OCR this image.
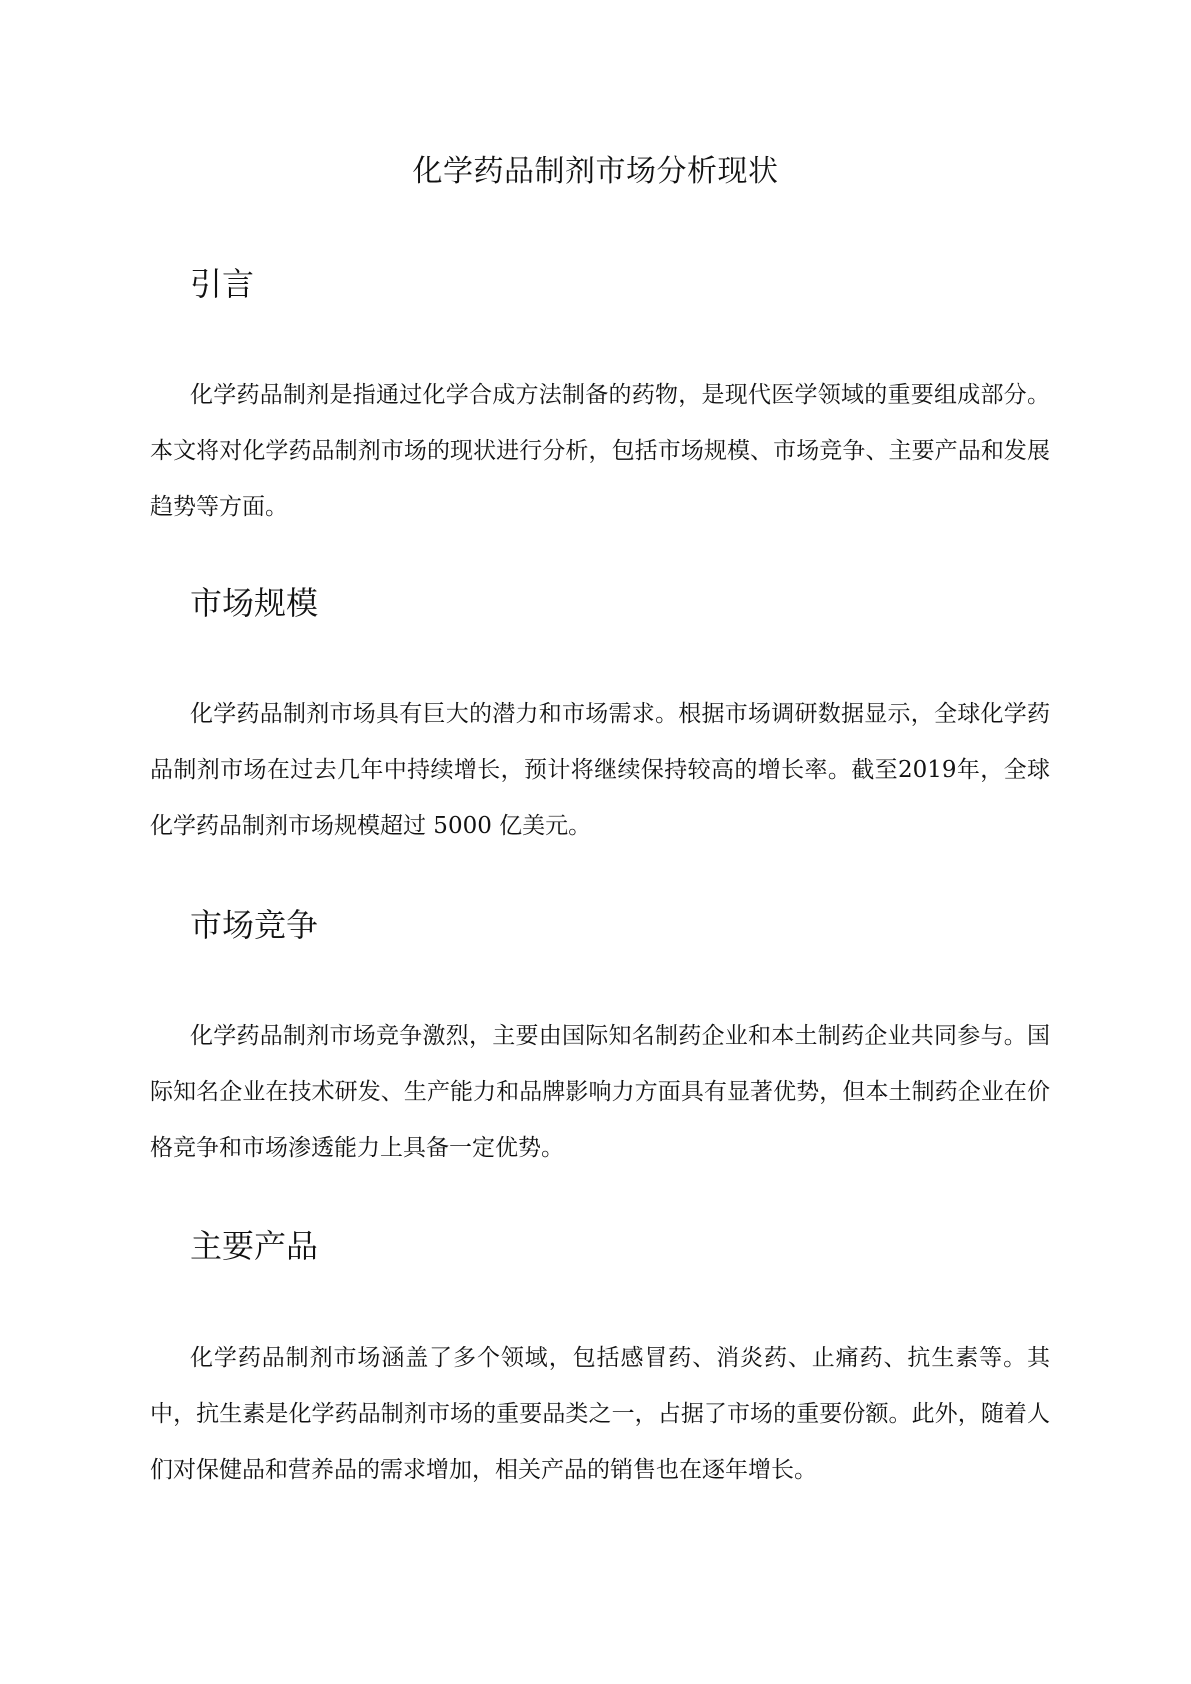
化学药品制剂市场分析现状
引言

化学药品制剂是指通过化学合成方法制备的药物，是现代医学领域的重要组成部分。本文将对化学药品制剂市场的现状进行分析，包括市场规模、市场竞争、主要产品和发展趋势等方面。

市场规模

化学药品制剂市场具有巨大的潜力和市场需求。根据市场调研数据显示，全球化学药品制剂市场在过去几年中持续增长，预计将继续保持较高的增长率。截至2019年，全球化学药品制剂市场规模超过 5000 亿美元。

市场竞争

化学药品制剂市场竞争激烈，主要由国际知名制药企业和本土制药企业共同参与。国际知名企业在技术研发、生产能力和品牌影响力方面具有显著优势，但本土制药企业在价格竞争和市场渗透能力上具备一定优势。

主要产品

化学药品制剂市场涵盖了多个领域，包括感冒药、消炎药、止痛药、抗生素等。其中，抗生素是化学药品制剂市场的重要品类之一，占据了市场的重要份额。此外，随着人们对保健品和营养品的需求增加，相关产品的销售也在逐年增长。
